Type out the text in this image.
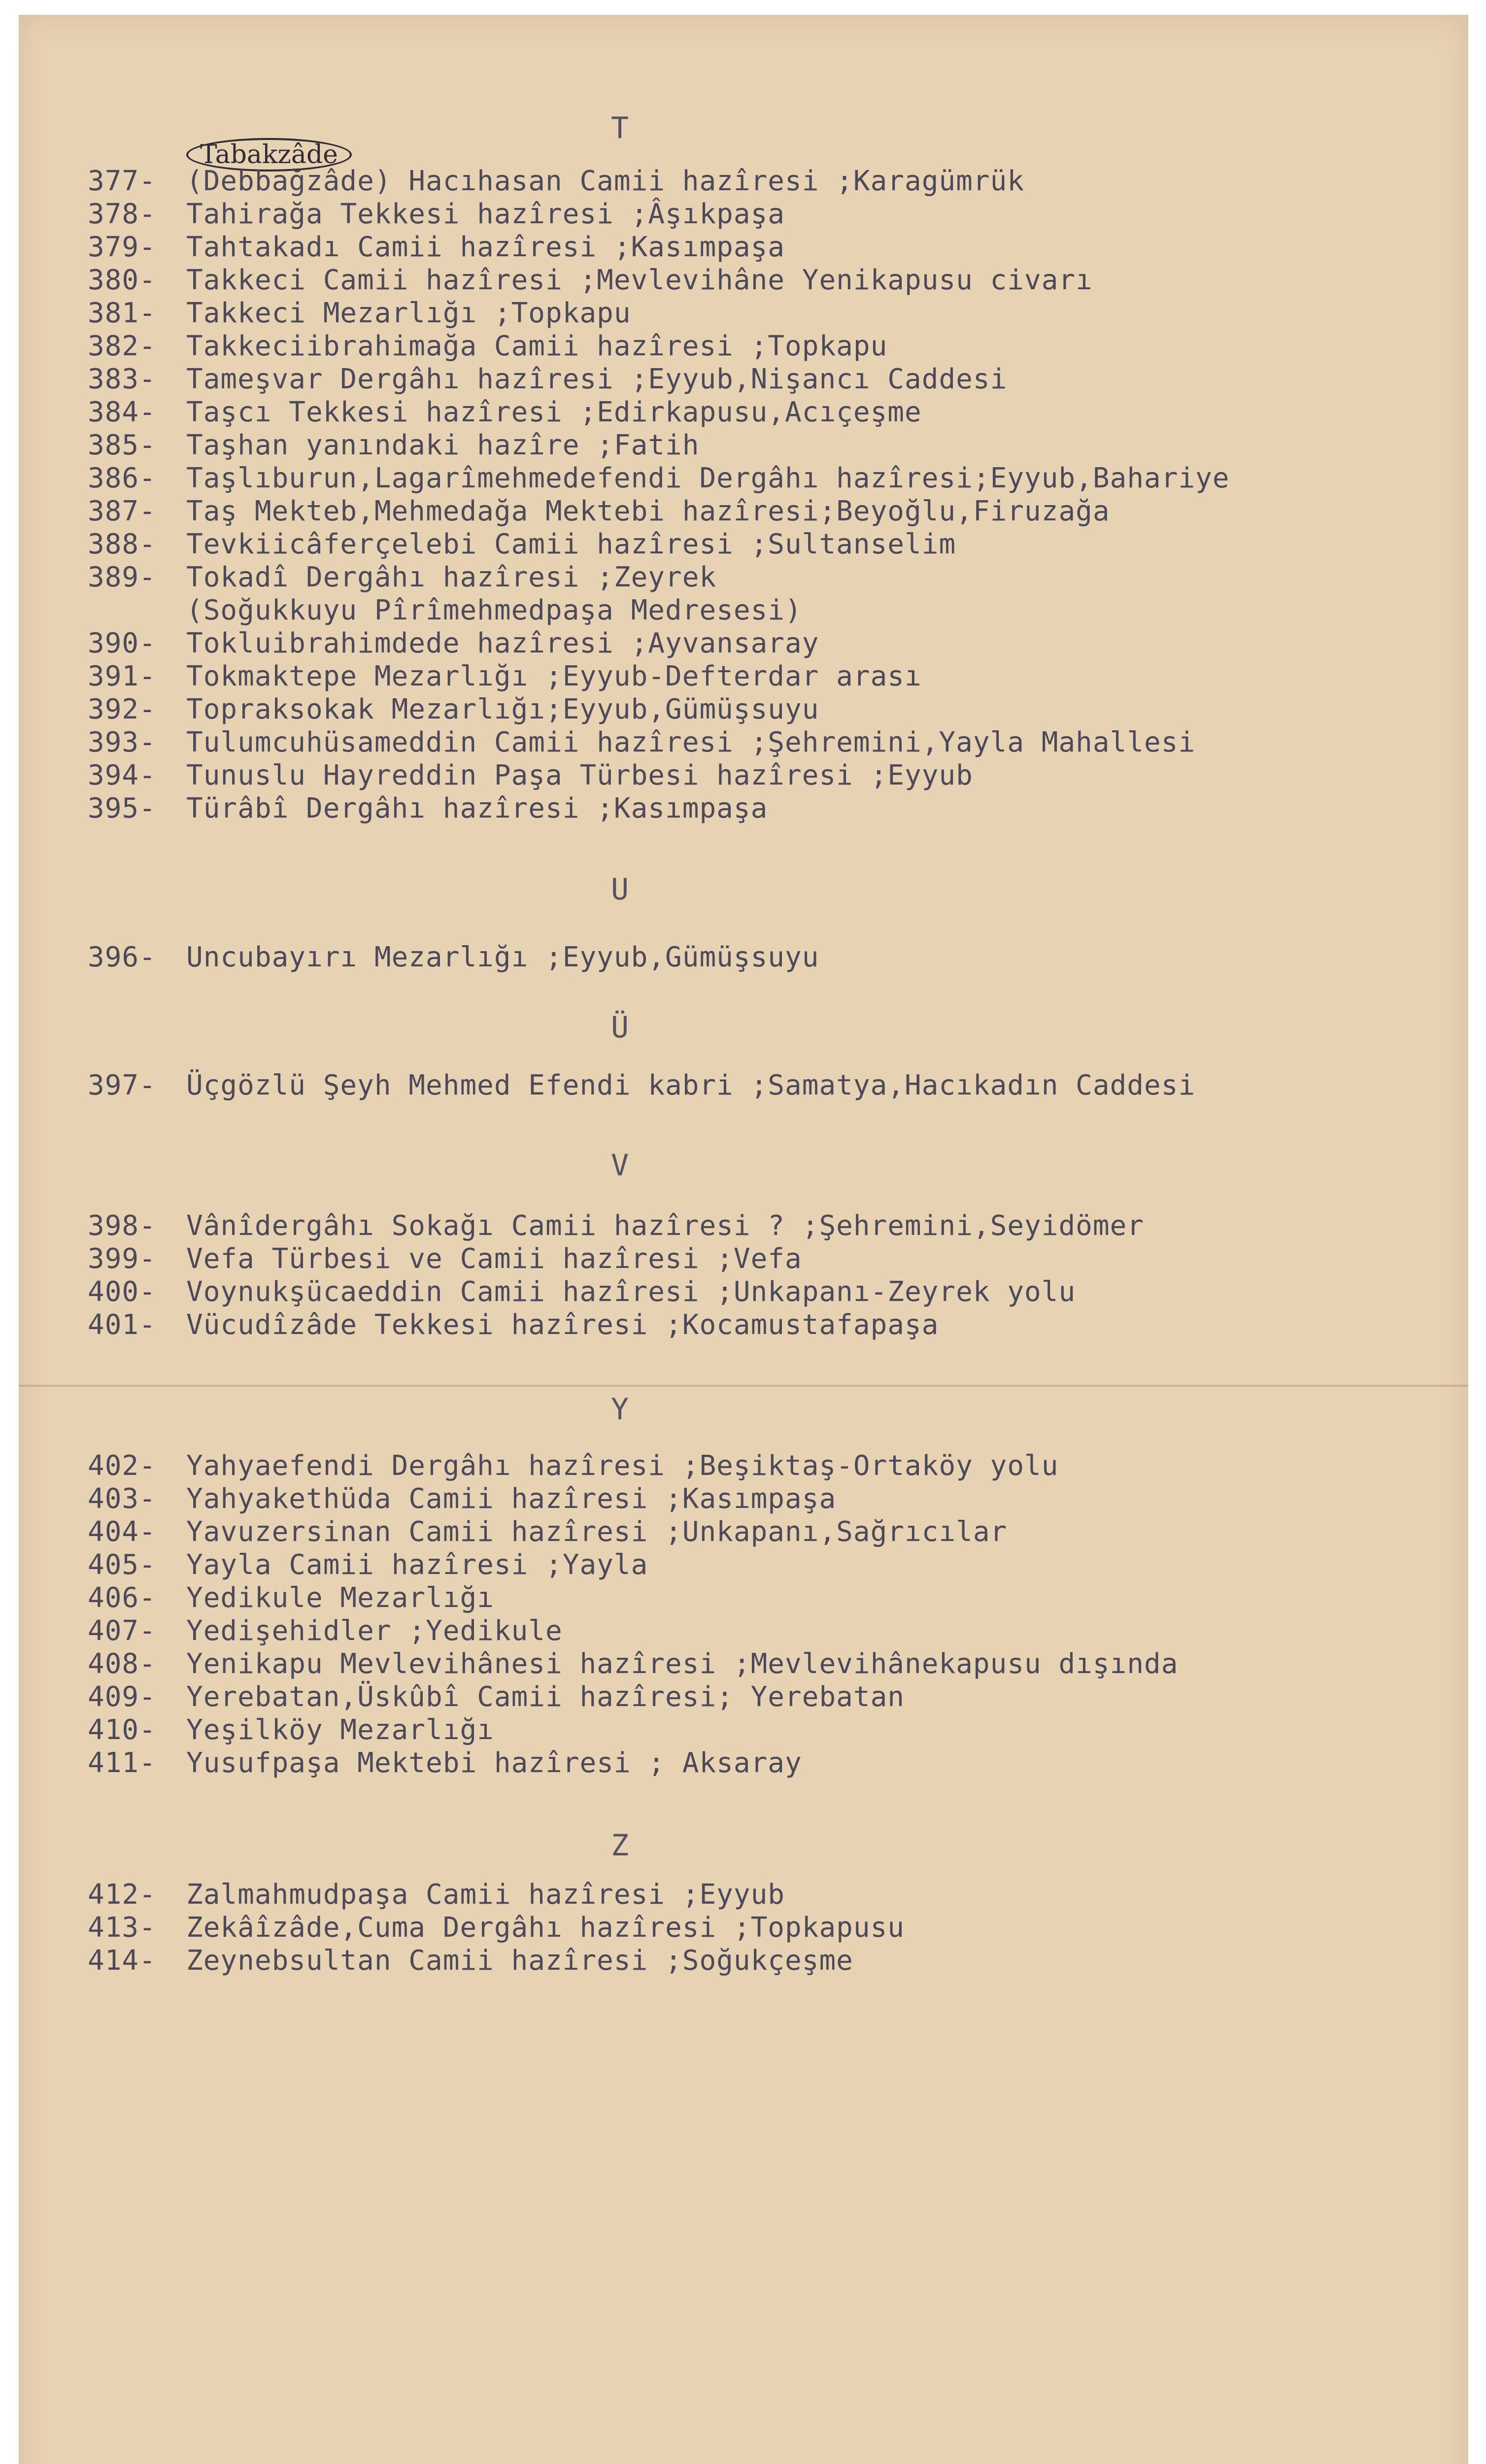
Tabakzâde
T
377- (Debbağzâde) Hacıhasan Camii hazîresi ;Karagümrük
378- Tahirağa Tekkesi hazîresi ;Âşıkpaşa
379- Tahtakadı Camii hazîresi ;Kasımpaşa
380- Takkeci Camii hazîresi ;Mevlevihâne Yenikapusu civarı
381- Takkeci Mezarlığı ;Topkapu
382- Takkeciibrahimağa Camii hazîresi ;Topkapu
383- Tameşvar Dergâhı hazîresi ;Eyyub,Nişancı Caddesi
384- Taşcı Tekkesi hazîresi ;Edirkapusu,Acıçeşme
385- Taşhan yanındaki hazîre ;Fatih
386- Taşlıburun,Lagarîmehmedefendi Dergâhı hazîresi;Eyyub,Bahariye
387- Taş Mekteb,Mehmedağa Mektebi hazîresi;Beyoğlu,Firuzağa
388- Tevkiicâferçelebi Camii hazîresi ;Sultanselim
389- Tokadî Dergâhı hazîresi ;Zeyrek
(Soğukkuyu Pîrîmehmedpaşa Medresesi)
390- Tokluibrahimdede hazîresi ;Ayvansaray
391- Tokmaktepe Mezarlığı ;Eyyub-Defterdar arası
392- Topraksokak Mezarlığı;Eyyub,Gümüşsuyu
393- Tulumcuhüsameddin Camii hazîresi ;Şehremini,Yayla Mahallesi
394- Tunuslu Hayreddin Paşa Türbesi hazîresi ;Eyyub
395- Türâbî Dergâhı hazîresi ;Kasımpaşa
U
396- Uncubayırı Mezarlığı ;Eyyub,Gümüşsuyu
Ü
397- Üçgözlü Şeyh Mehmed Efendi kabri ;Samatya,Hacıkadın Caddesi
V
398- Vânîdergâhı Sokağı Camii hazîresi ? ;Şehremini,Seyidömer
399- Vefa Türbesi ve Camii hazîresi ;Vefa
400- Voynukşücaeddin Camii hazîresi ;Unkapanı-Zeyrek yolu
401- Vücudîzâde Tekkesi hazîresi ;Kocamustafapaşa
Y
402- Yahyaefendi Dergâhı hazîresi ;Beşiktaş-Ortaköy yolu
403- Yahyakethüda Camii hazîresi ;Kasımpaşa
404- Yavuzersinan Camii hazîresi ;Unkapanı,Sağrıcılar
405- Yayla Camii hazîresi ;Yayla
406- Yedikule Mezarlığı
407- Yedişehidler ;Yedikule
408- Yenikapu Mevlevihânesi hazîresi ;Mevlevihânekapusu dışında
409- Yerebatan,Üskûbî Camii hazîresi; Yerebatan
410- Yeşilköy Mezarlığı
411- Yusufpaşa Mektebi hazîresi ; Aksaray
Z
412- Zalmahmudpaşa Camii hazîresi ;Eyyub
413- Zekâîzâde,Cuma Dergâhı hazîresi ;Topkapusu
414- Zeynebsultan Camii hazîresi ;Soğukçeşme
